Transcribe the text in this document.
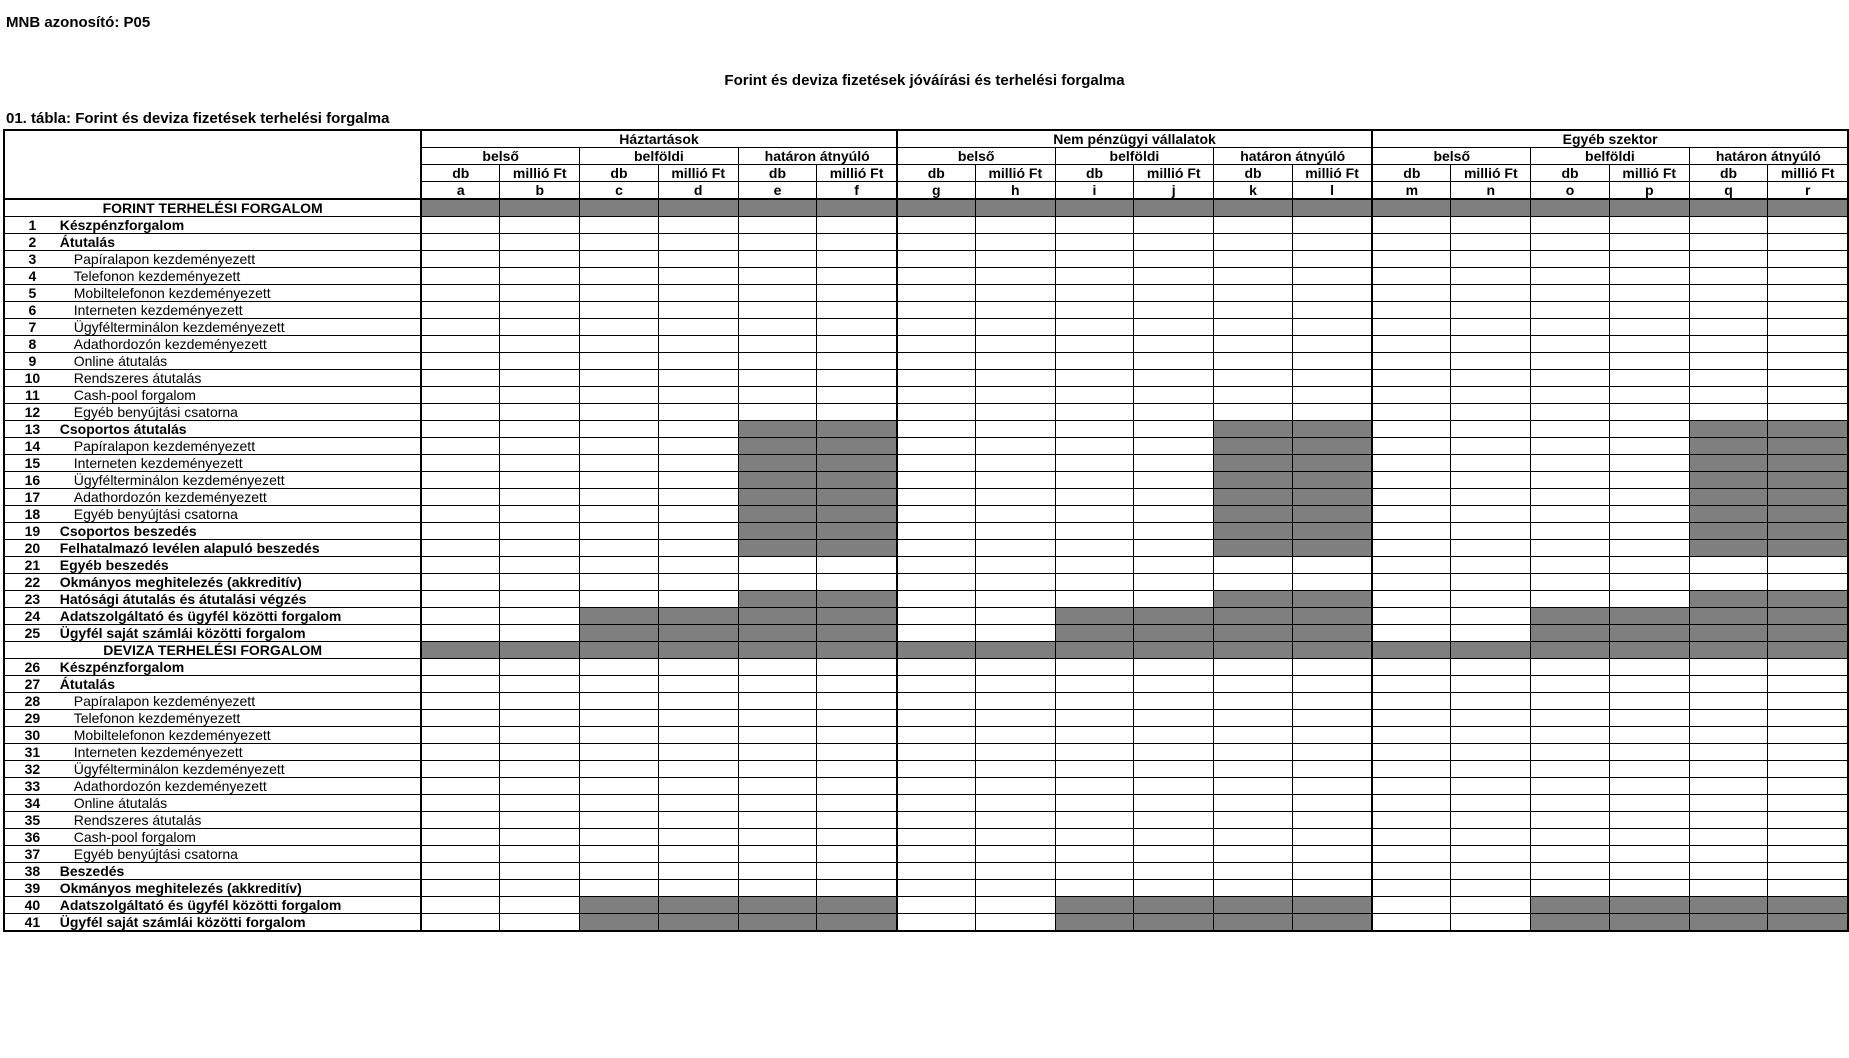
MNB azonosító: P05
Forint és deviza fizetések jóváírási és terhelési forgalma
01. tábla: Forint és deviza fizetések terhelési forgalma
		Háztartások						Nem pénzügyi vállalatok						Egyéb szektor					
		belső		belföldi		határon átnyúló		belső		belföldi		határon átnyúló		belső		belföldi		határon átnyúló	
		db	millió Ft	db	millió Ft	db	millió Ft	db	millió Ft	db	millió Ft	db	millió Ft	db	millió Ft	db	millió Ft	db	millió Ft
		a	b	c	d	e	f	g	h	i	j	k	l	m	n	o	p	q	r
FORINT TERHELÉSI FORGALOM																			
1	Készpénzforgalom																		
2	Átutalás																		
3	Papíralapon kezdeményezett																		
4	Telefonon kezdeményezett																		
5	Mobiltelefonon kezdeményezett																		
6	Interneten kezdeményezett																		
7	Ügyfélterminálon kezdeményezett																		
8	Adathordozón kezdeményezett																		
9	Online átutalás																		
10	Rendszeres átutalás																		
11	Cash-pool forgalom																		
12	Egyéb benyújtási csatorna																		
13	Csoportos átutalás																		
14	Papíralapon kezdeményezett																		
15	Interneten kezdeményezett																		
16	Ügyfélterminálon kezdeményezett																		
17	Adathordozón kezdeményezett																		
18	Egyéb benyújtási csatorna																		
19	Csoportos beszedés																		
20	Felhatalmazó levélen alapuló beszedés																		
21	Egyéb beszedés																		
22	Okmányos meghitelezés (akkreditív)																		
23	Hatósági átutalás és átutalási végzés																		
24	Adatszolgáltató és ügyfél közötti forgalom																		
25	Ügyfél saját számlái közötti forgalom																		
DEVIZA TERHELÉSI FORGALOM																			
26	Készpénzforgalom																		
27	Átutalás																		
28	Papíralapon kezdeményezett																		
29	Telefonon kezdeményezett																		
30	Mobiltelefonon kezdeményezett																		
31	Interneten kezdeményezett																		
32	Ügyfélterminálon kezdeményezett																		
33	Adathordozón kezdeményezett																		
34	Online átutalás																		
35	Rendszeres átutalás																		
36	Cash-pool forgalom																		
37	Egyéb benyújtási csatorna																		
38	Beszedés																		
39	Okmányos meghitelezés (akkreditív)																		
40	Adatszolgáltató és ügyfél közötti forgalom																		
41	Ügyfél saját számlái közötti forgalom																		
